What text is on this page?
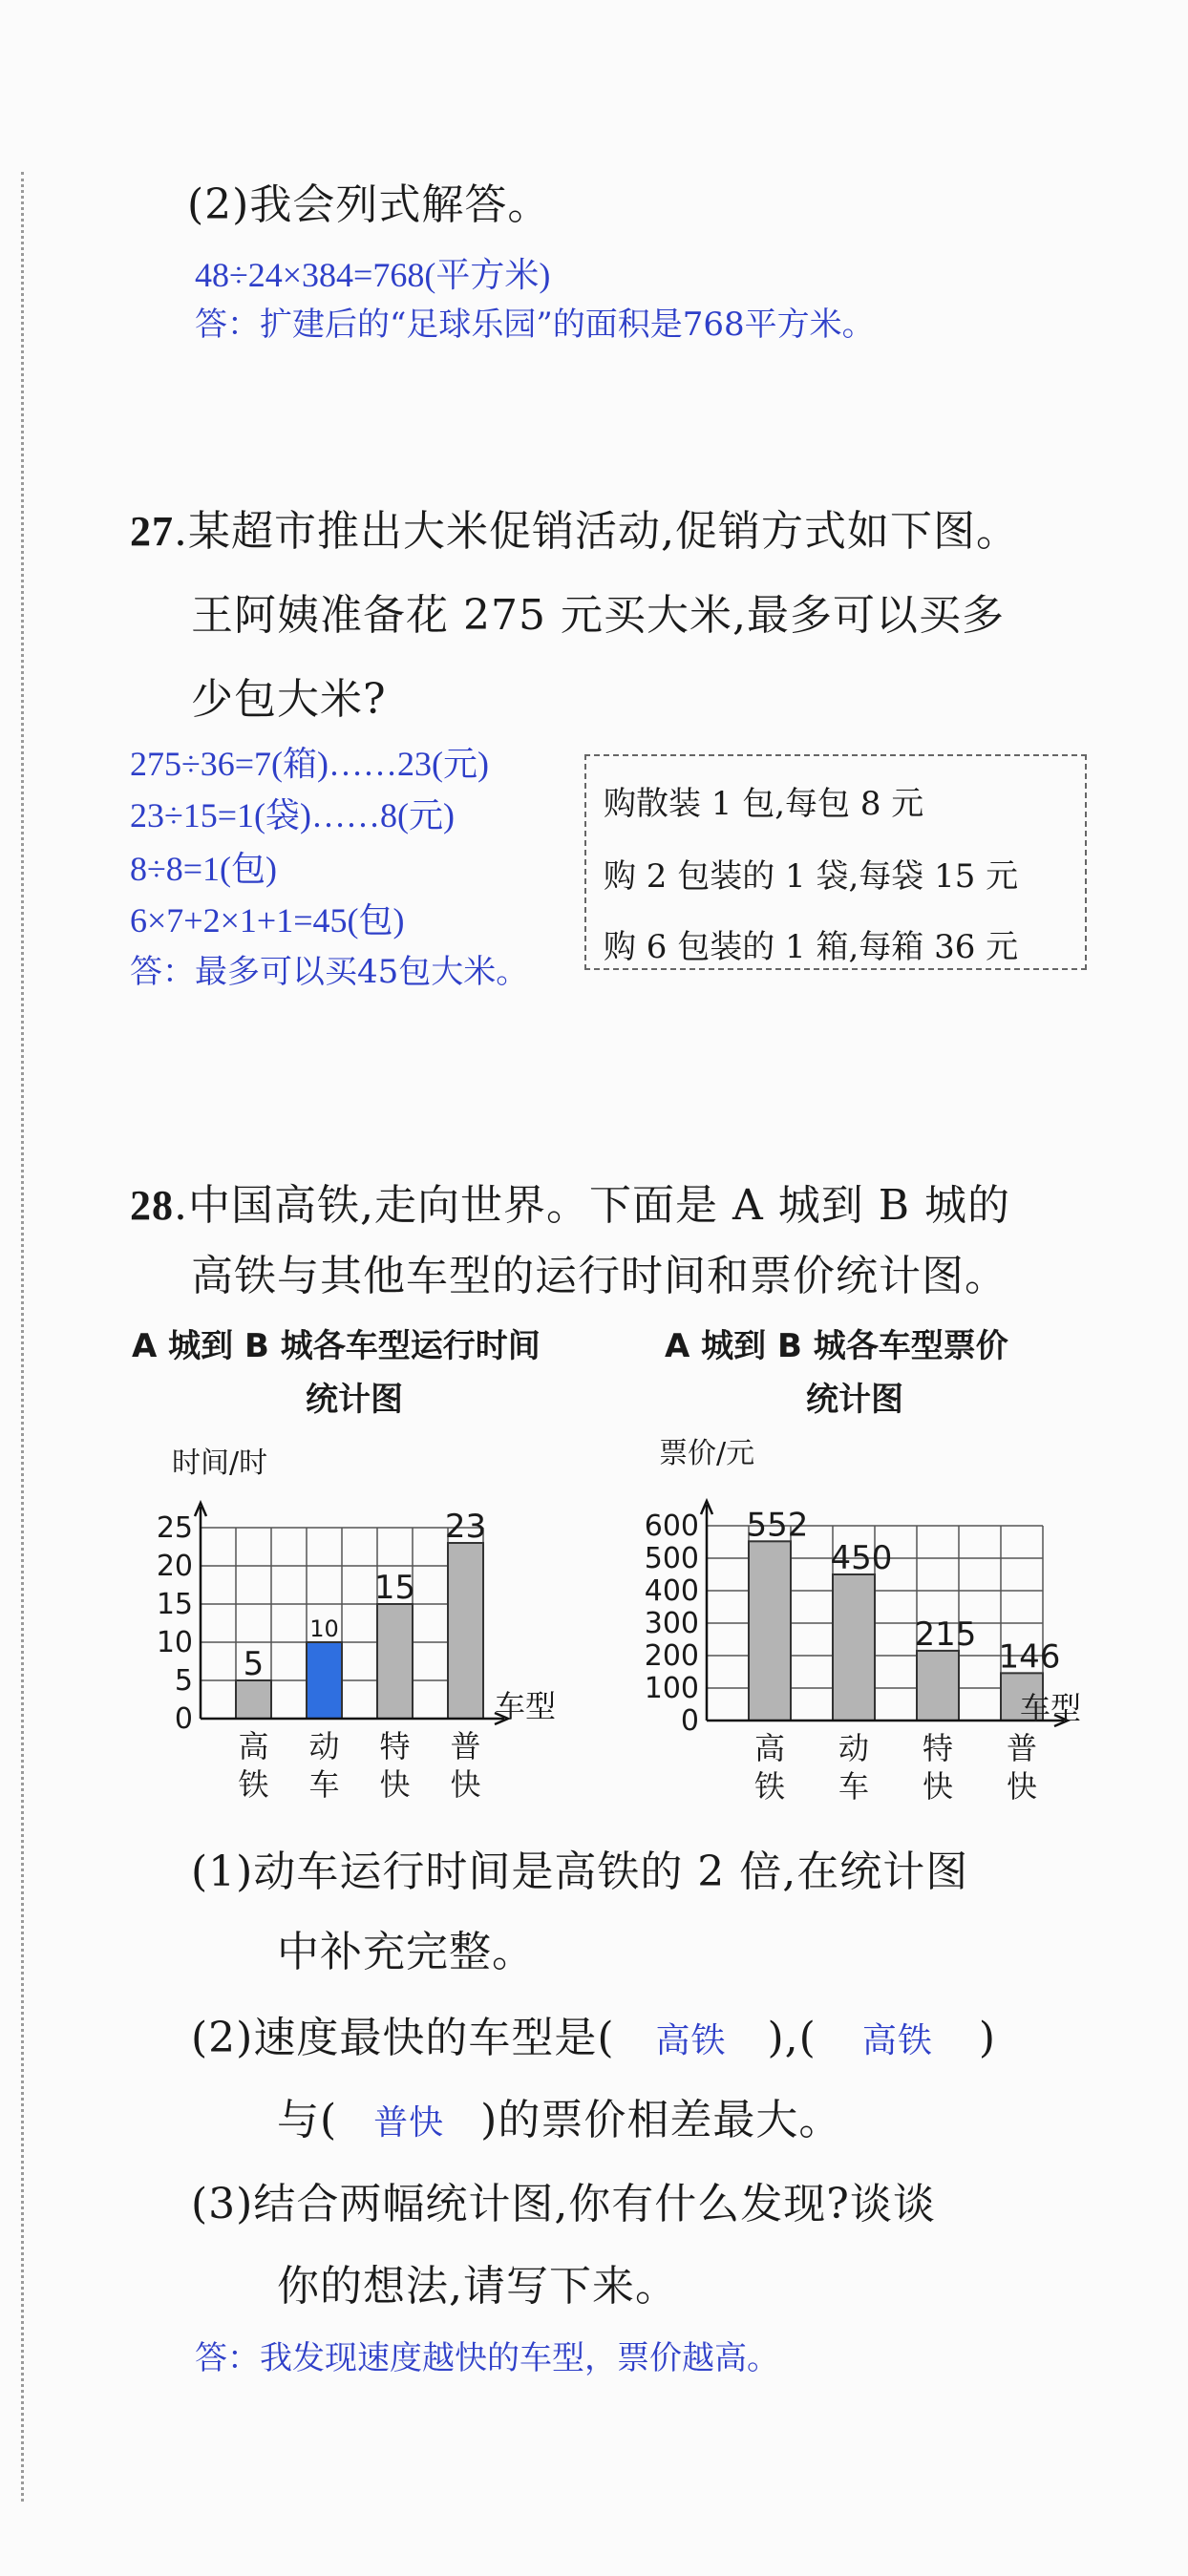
(2)我会列式解答。
48÷24×384=768(平方米)
答：扩建后的“足球乐园”的面积是768平方米。
27.某超市推出大米促销活动,促销方式如下图。
王阿姨准备花 275 元买大米,最多可以买多
少包大米?
275÷36=7(箱)……23(元)
23÷15=1(袋)……8(元)
8÷8=1(包)
6×7+2×1+1=45(包)
答：最多可以买45包大米。
购散装 1 包,每包 8 元
购 2 包装的 1 袋,每袋 15 元
购 6 包装的 1 箱,每箱 36 元
28.中国高铁,走向世界。下面是 A 城到 B 城的
高铁与其他车型的运行时间和票价统计图。
A 城到 B 城各车型运行时间
统计图
A 城到 B 城各车型票价
统计图
时间/时
0
5
10
15
20
25
5
10
15
23
高
铁
动
车
特
快
普
快
车型
票价/元
0
100
200
300
400
500
600 552
450
215
146
高
铁
动
车
特
快
普
快
车型
(1)动车运行时间是高铁的 2 倍,在统计图
中补充完整。
(2)速度最快的车型是( 高铁 ),( 高铁 )
与( 普快 )的票价相差最大。
(3)结合两幅统计图,你有什么发现?谈谈
你的想法,请写下来。
答：我发现速度越快的车型，票价越高。
